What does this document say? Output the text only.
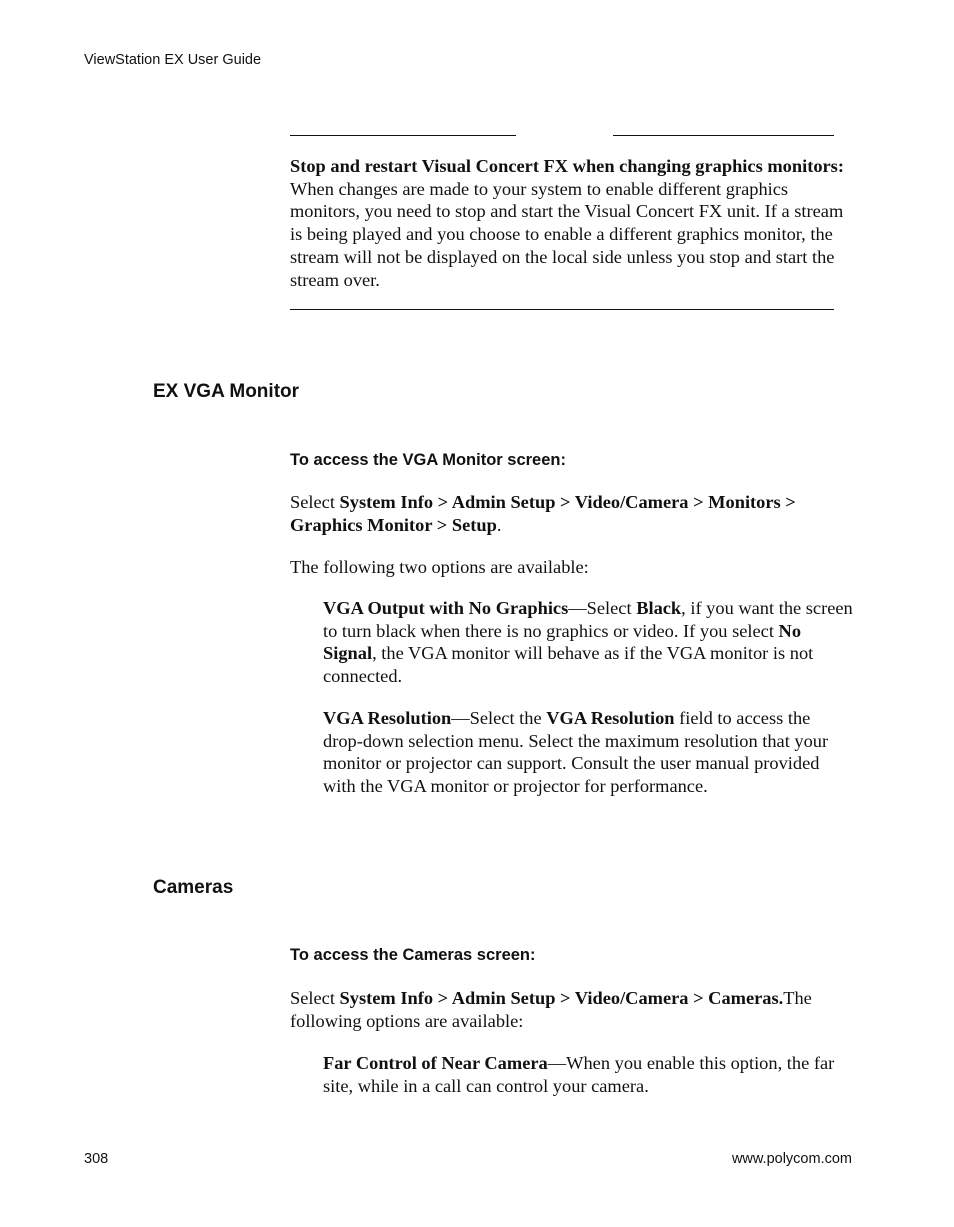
ViewStation EX User Guide
Stop and restart Visual Concert FX when changing graphics monitors: When changes are made to your system to enable different graphics monitors, you need to stop and start the Visual Concert FX unit. If a stream is being played and you choose to enable a different graphics monitor, the stream will not be displayed on the local side unless you stop and start the stream over.
EX VGA Monitor
To access the VGA Monitor screen:
Select System Info > Admin Setup > Video/Camera > Monitors > Graphics Monitor > Setup.
The following two options are available:
VGA Output with No Graphics—Select Black, if you want the screen to turn black when there is no graphics or video. If you select No Signal, the VGA monitor will behave as if the VGA monitor is not connected.
VGA Resolution—Select the VGA Resolution field to access the drop-down selection menu. Select the maximum resolution that your monitor or projector can support. Consult the user manual provided with the VGA monitor or projector for performance.
Cameras
To access the Cameras screen:
Select System Info > Admin Setup > Video/Camera > Cameras.The following options are available:
Far Control of Near Camera—When you enable this option, the far site, while in a call can control your camera.
308	www.polycom.com
